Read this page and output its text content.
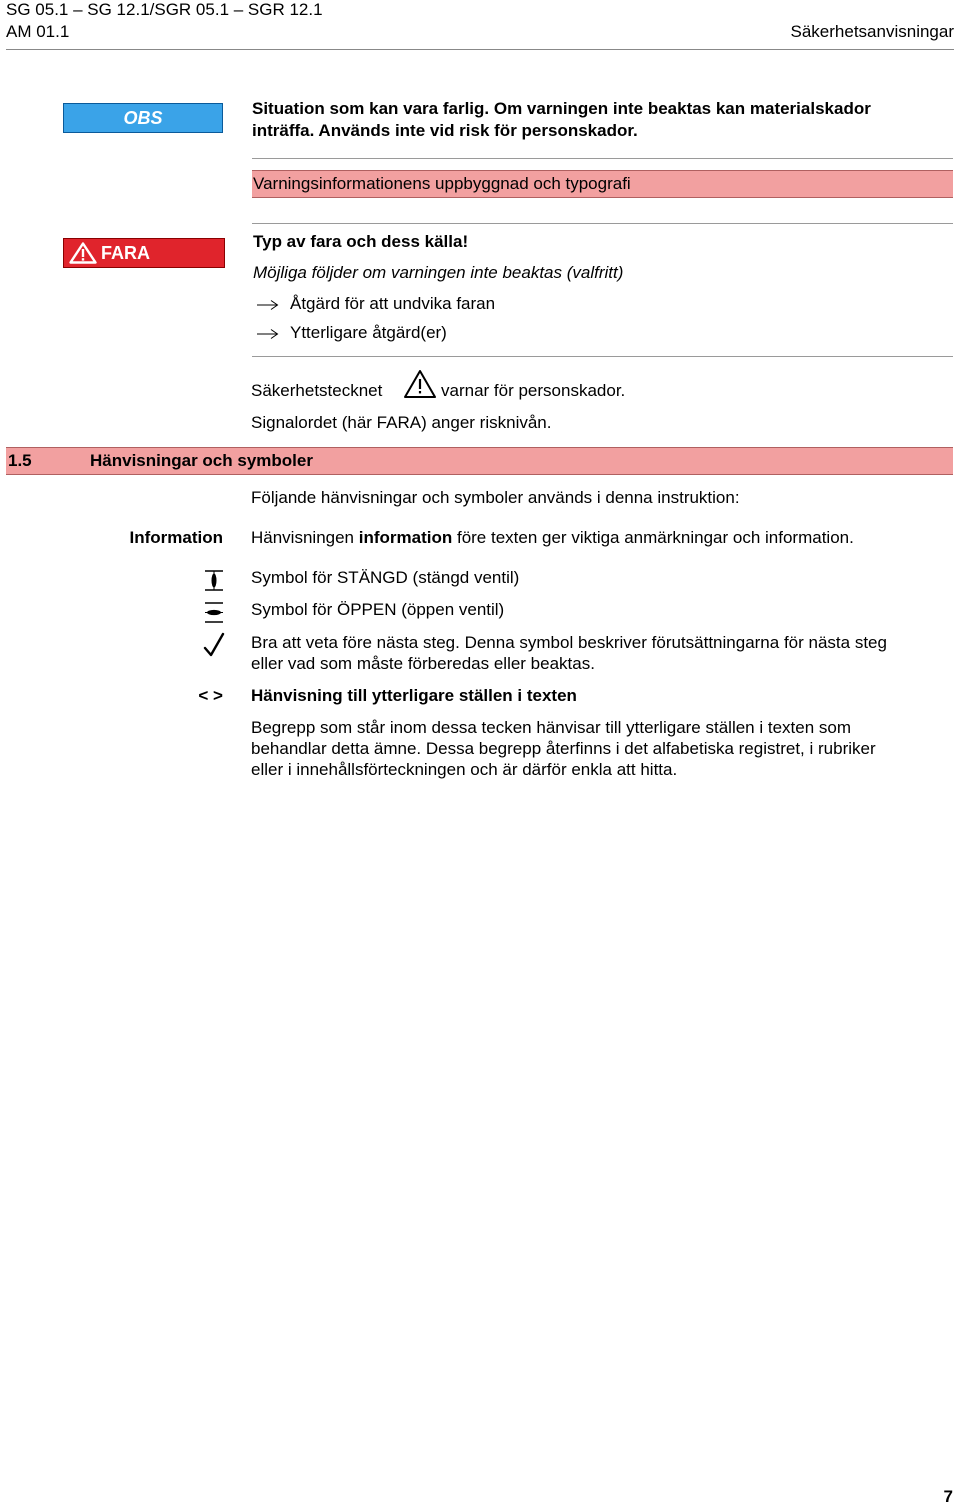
SG 05.1 – SG 12.1/SGR 05.1 – SGR 12.1
AM 01.1	Säkerhetsanvisningar
OBS	Situation som kan vara farlig. Om varningen inte beaktas kan materialskador
inträffa. Används inte vid risk för personskador.
Varningsinformationens uppbyggnad och typografi
FARA
Typ av fara och dess källa!
Möjliga följder om varningen inte beaktas (valfritt)
Åtgärd för att undvika faran
Ytterligare åtgärd(er)
Säkerhetstecknet	varnar för personskador.
Signalordet (här FARA) anger risknivån.
1.5	Hänvisningar och symboler
Följande hänvisningar och symboler används i denna instruktion:
Information Hänvisningen information före texten ger viktiga anmärkningar och information.
Symbol för STÄNGD (stängd ventil)
Symbol för ÖPPEN (öppen ventil)
Bra att veta före nästa steg. Denna symbol beskriver förutsättningarna för nästa steg
eller vad som måste förberedas eller beaktas.
< > Hänvisning till ytterligare ställen i texten
Begrepp som står inom dessa tecken hänvisar till ytterligare ställen i texten som
behandlar detta ämne. Dessa begrepp återfinns i det alfabetiska registret, i rubriker
eller i innehållsförteckningen och är därför enkla att hitta.
7
